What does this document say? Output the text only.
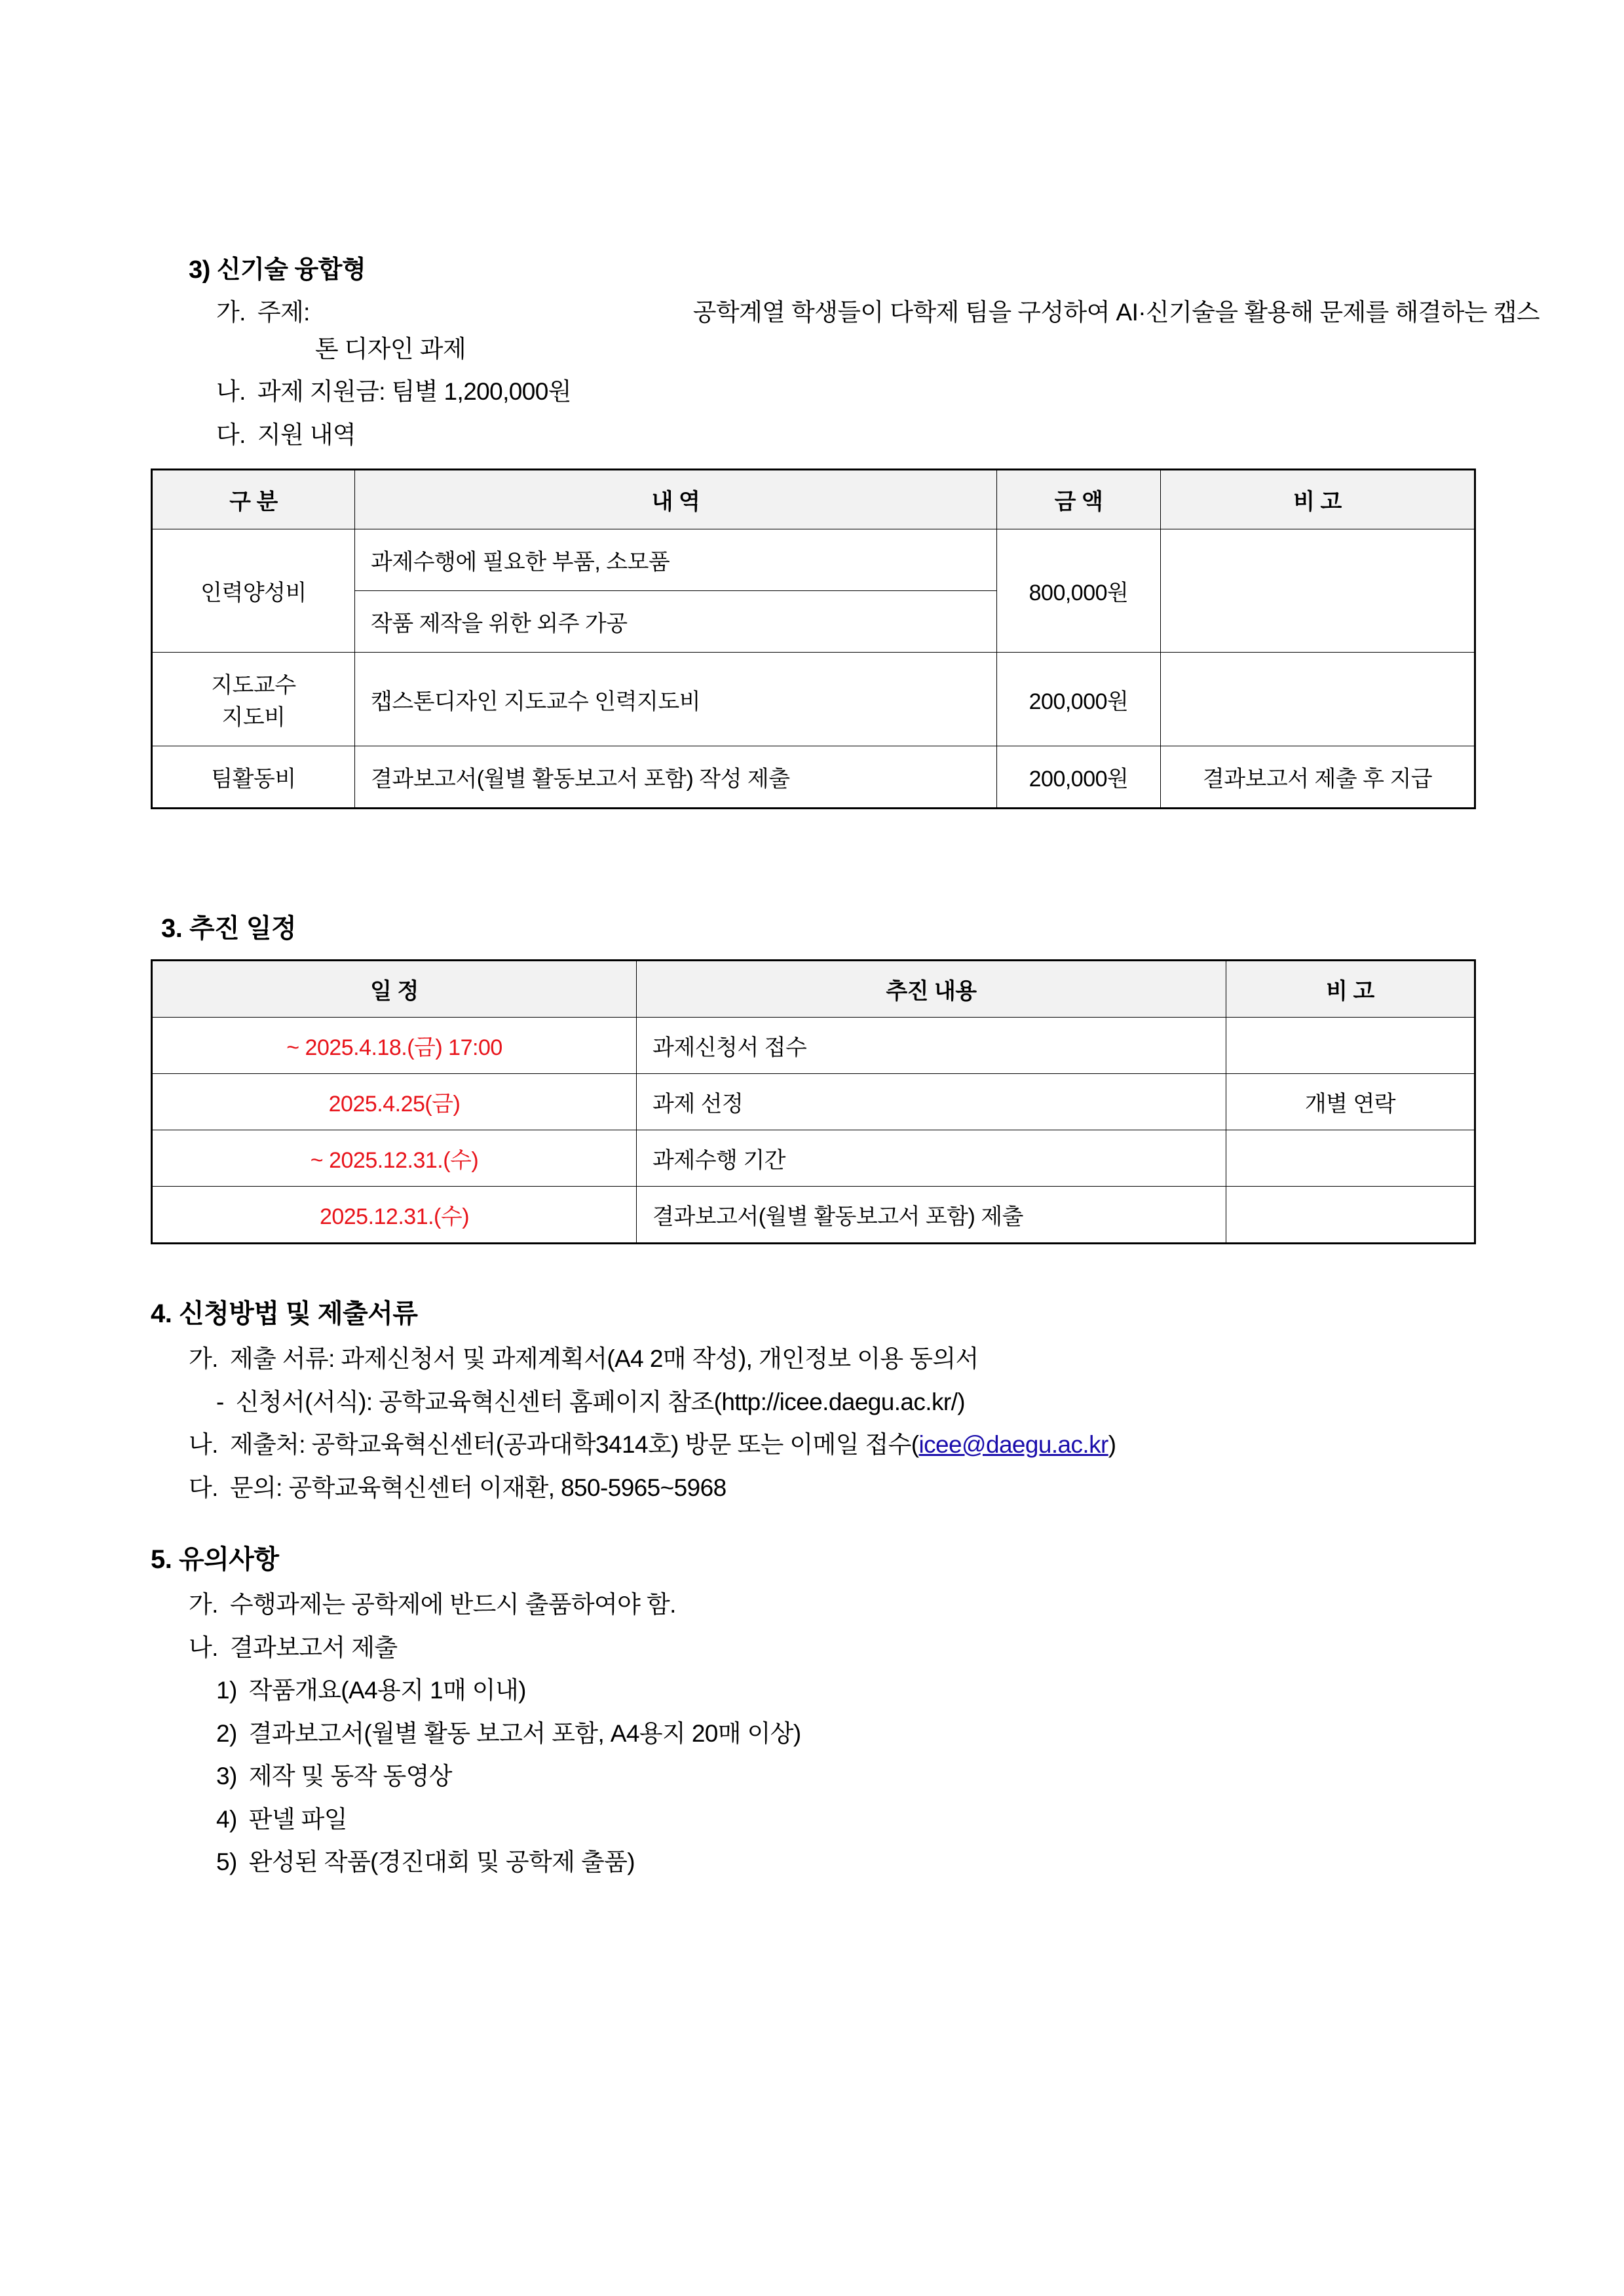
3) 신기술 융합형
가. 주제:	공학계열 학생들이 다학제 팀을 구성하여 AI·신기술을 활용해 문제를 해결하는 캡스
톤 디자인 과제
나. 과제 지원금: 팀별 1,200,000원
다. 지원 내역
구 분	내 역	금 액	비 고
인력양성비	과제수행에 필요한 부품, 소모품	800,000원	
	작품 제작을 위한 외주 가공		

지도교수
지도비	캡스톤디자인 지도교수 인력지도비	200,000원	
팀활동비	결과보고서(월별 활동보고서 포함) 작성 제출	200,000원	결과보고서 제출 후 지급
3. 추진 일정
일 정	추진 내용	비 고
~ 2025.4.18.(금) 17:00	과제신청서 접수	
2025.4.25(금)	과제 선정	개별 연락
~ 2025.12.31.(수)	과제수행 기간	
2025.12.31.(수)	결과보고서(월별 활동보고서 포함) 제출	
4. 신청방법 및 제출서류
가. 제출 서류: 과제신청서 및 과제계획서(A4 2매 작성), 개인정보 이용 동의서
- 신청서(서식): 공학교육혁신센터 홈페이지 참조(http://icee.daegu.ac.kr/)
나. 제출처: 공학교육혁신센터(공과대학3414호) 방문 또는 이메일 접수(icee@daegu.ac.kr)
다. 문의: 공학교육혁신센터 이재환, 850-5965~5968
5. 유의사항
가. 수행과제는 공학제에 반드시 출품하여야 함.
나. 결과보고서 제출
1) 작품개요(A4용지 1매 이내)
2) 결과보고서(월별 활동 보고서 포함, A4용지 20매 이상)
3) 제작 및 동작 동영상
4) 판넬 파일
5) 완성된 작품(경진대회 및 공학제 출품)
